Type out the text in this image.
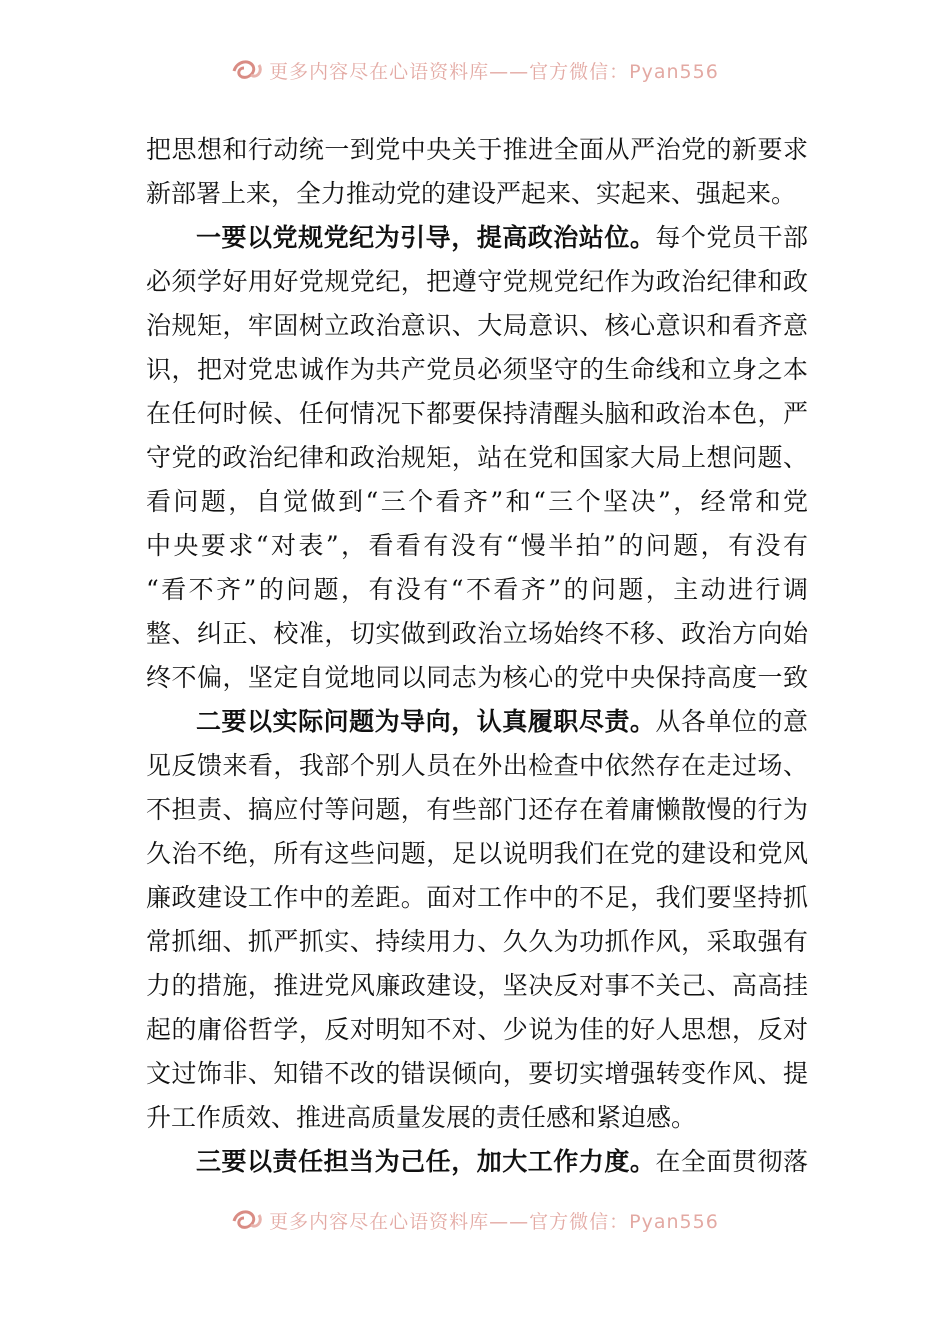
更多内容尽在心语资料库——官方微信：Pyan556
把思想和行动统一到党中央关于推进全面从严治党的新要求
新部署上来，全力推动党的建设严起来、实起来、强起来。
一要以党规党纪为引导，提高政治站位。每个党员干部
必须学好用好党规党纪，把遵守党规党纪作为政治纪律和政
治规矩，牢固树立政治意识、大局意识、核心意识和看齐意
识，把对党忠诚作为共产党员必须坚守的生命线和立身之本
在任何时候、任何情况下都要保持清醒头脑和政治本色，严
守党的政治纪律和政治规矩，站在党和国家大局上想问题、
看问题，自觉做到“三个看齐”和“三个坚决”，经常和党
中央要求“对表”，看看有没有“慢半拍”的问题，有没有
“看不齐”的问题，有没有“不看齐”的问题，主动进行调
整、纠正、校准，切实做到政治立场始终不移、政治方向始
终不偏，坚定自觉地同以同志为核心的党中央保持高度一致
二要以实际问题为导向，认真履职尽责。从各单位的意
见反馈来看，我部个别人员在外出检查中依然存在走过场、
不担责、搞应付等问题，有些部门还存在着庸懒散慢的行为
久治不绝，所有这些问题，足以说明我们在党的建设和党风
廉政建设工作中的差距。面对工作中的不足，我们要坚持抓
常抓细、抓严抓实、持续用力、久久为功抓作风，采取强有
力的措施，推进党风廉政建设，坚决反对事不关己、高高挂
起的庸俗哲学，反对明知不对、少说为佳的好人思想，反对
文过饰非、知错不改的错误倾向，要切实增强转变作风、提
升工作质效、推进高质量发展的责任感和紧迫感。
三要以责任担当为己任，加大工作力度。在全面贯彻落
更多内容尽在心语资料库——官方微信：Pyan556
